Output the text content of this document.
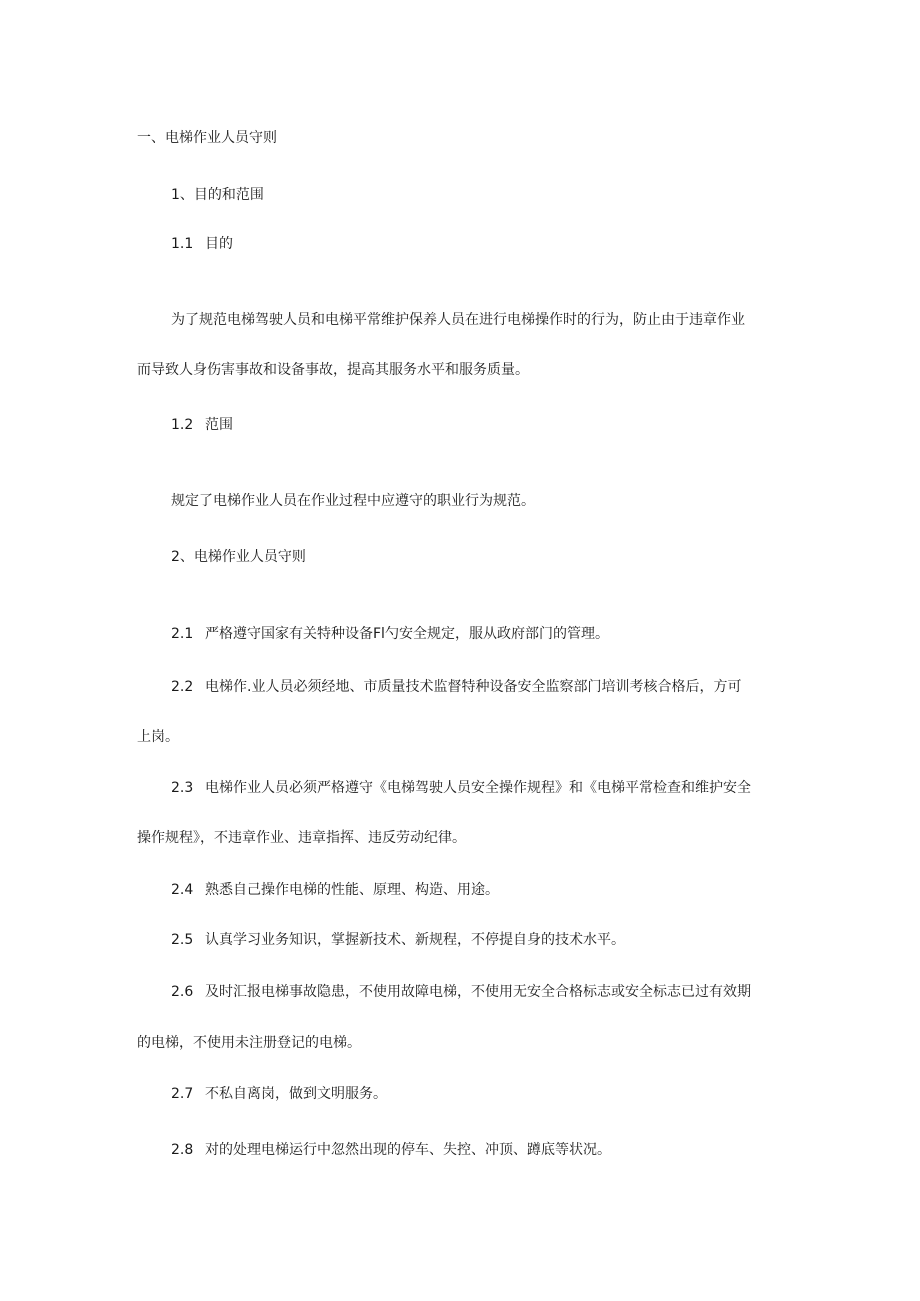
一、电梯作业人员守则
1、目的和范围
1.1 目的
为了规范电梯驾驶人员和电梯平常维护保养人员在进行电梯操作时的行为，防止由于违章作业
而导致人身伤害事故和设备事故，提高其服务水平和服务质量。
1.2 范围
规定了电梯作业人员在作业过程中应遵守的职业行为规范。
2、电梯作业人员守则
2.1 严格遵守国家有关特种设备Fl勺安全规定，服从政府部门的管理。
2.2 电梯作.业人员必须经地、市质量技术监督特种设备安全监察部门培训考核合格后，方可
上岗。
2.3 电梯作业人员必须严格遵守《电梯驾驶人员安全操作规程》和《电梯平常检查和维护安全
操作规程》，不违章作业、违章指挥、违反劳动纪律。
2.4 熟悉自己操作电梯的性能、原理、构造、用途。
2.5 认真学习业务知识，掌握新技术、新规程，不停提自身的技术水平。
2.6 及时汇报电梯事故隐患，不使用故障电梯，不使用无安全合格标志或安全标志已过有效期
的电梯，不使用未注册登记的电梯。
2.7 不私自离岗，做到文明服务。
2.8 对的处理电梯运行中忽然出现的停车、失控、冲顶、蹲底等状况。
